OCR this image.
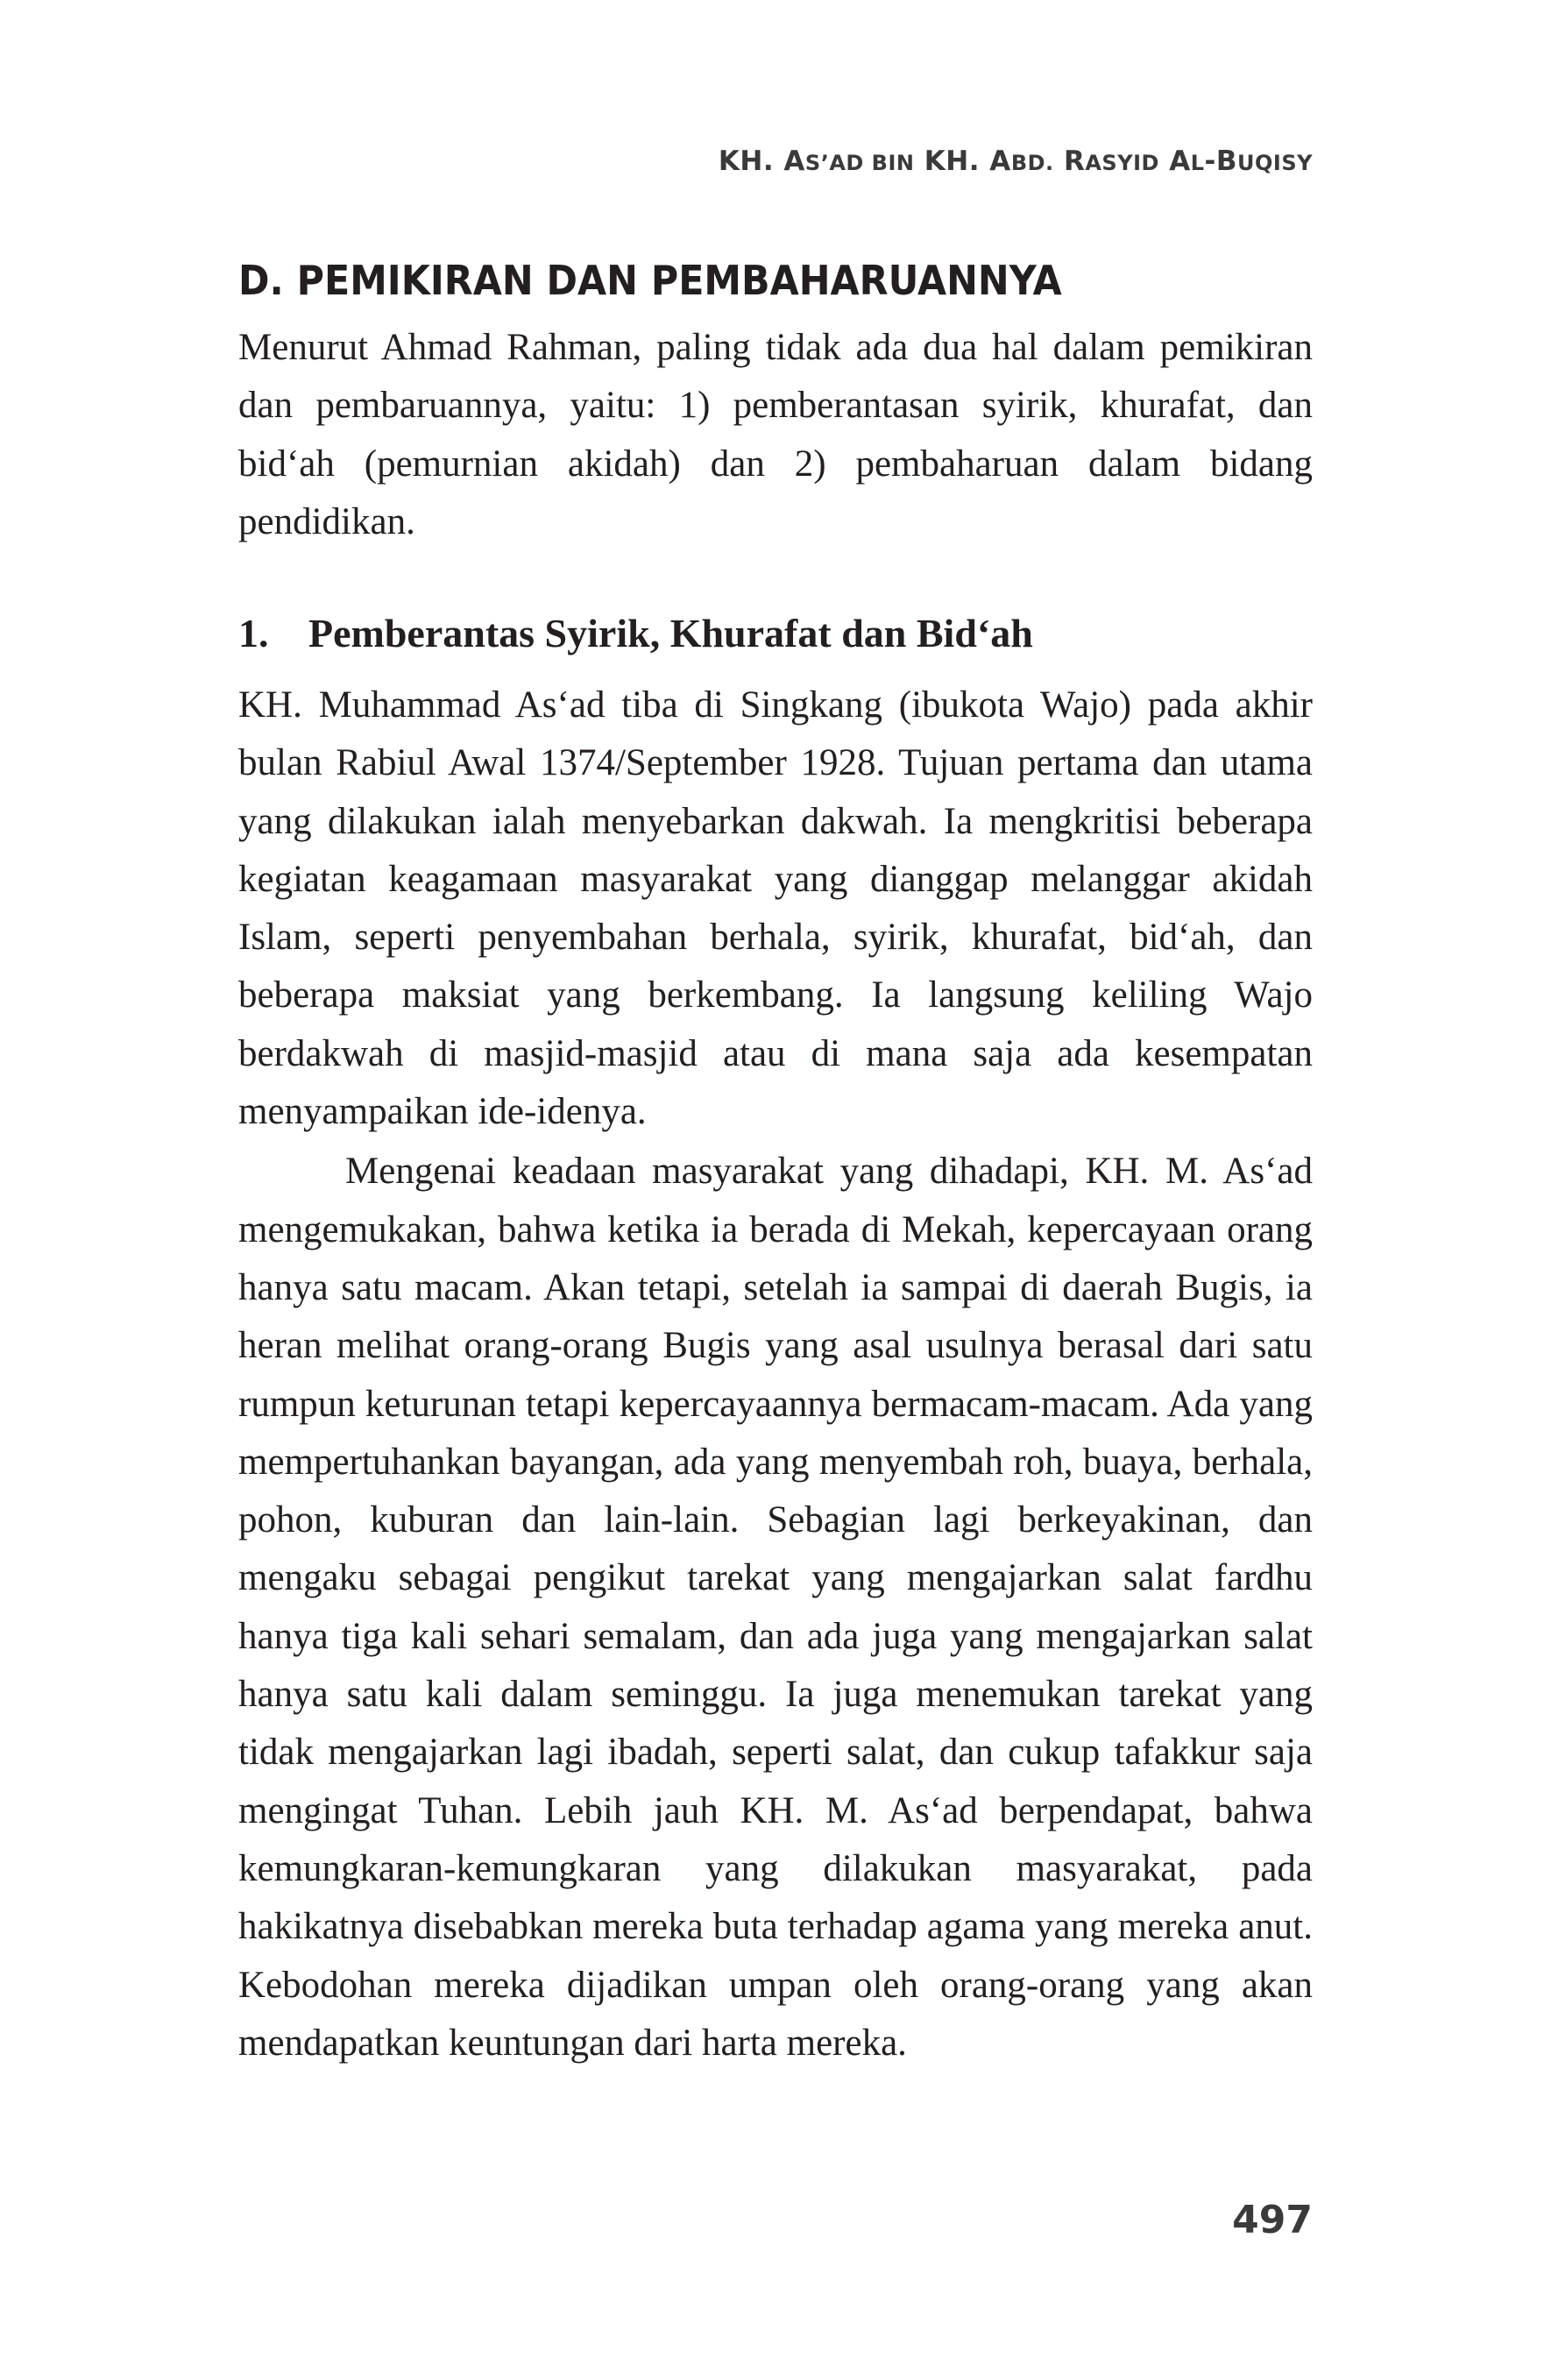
KH. AS’AD BIN KH. ABD. RASYID AL-BUQISY
D. PEMIKIRAN DAN PEMBAHARUANNYA

Menurut Ahmad Rahman, paling tidak ada dua hal dalam pemikiran dan pembaruannya, yaitu: 1) pemberantasan syirik, khurafat, dan bid‘ah (pemurnian akidah) dan 2) pembaharuan dalam bidang pendidikan.

1. Pemberantas Syirik, Khurafat dan Bid‘ah

KH. Muhammad As‘ad tiba di Singkang (ibukota Wajo) pada akhir bulan Rabiul Awal 1374/September 1928. Tujuan pertama dan utama yang dilakukan ialah menyebarkan dakwah. Ia mengkritisi beberapa kegiatan keagamaan masyarakat yang dianggap melanggar akidah Islam, seperti penyembahan berhala, syirik, khurafat, bid‘ah, dan beberapa maksiat yang berkembang. Ia langsung keliling Wajo berdakwah di masjid-masjid atau di mana saja ada kesempatan menyampaikan ide-idenya.

Mengenai keadaan masyarakat yang dihadapi, KH. M. As‘ad mengemukakan, bahwa ketika ia berada di Mekah, kepercayaan orang hanya satu macam. Akan tetapi, setelah ia sampai di daerah Bugis, ia heran melihat orang-orang Bugis yang asal usulnya berasal dari satu rumpun keturunan tetapi kepercayaannya bermacam-macam. Ada yang mempertuhankan bayangan, ada yang menyembah roh, buaya, berhala, pohon, kuburan dan lain-lain. Sebagian lagi berkeyakinan, dan mengaku sebagai pengikut tarekat yang mengajarkan salat fardhu hanya tiga kali sehari semalam, dan ada juga yang mengajarkan salat hanya satu kali dalam seminggu. Ia juga menemukan tarekat yang tidak mengajarkan lagi ibadah, seperti salat, dan cukup tafakkur saja mengingat Tuhan. Lebih jauh KH. M. As‘ad berpendapat, bahwa kemungkaran-kemungkaran yang dilakukan masyarakat, pada hakikatnya disebabkan mereka buta terhadap agama yang mereka anut. Kebodohan mereka dijadikan umpan oleh orang-orang yang akan mendapatkan keuntungan dari harta mereka.

497
